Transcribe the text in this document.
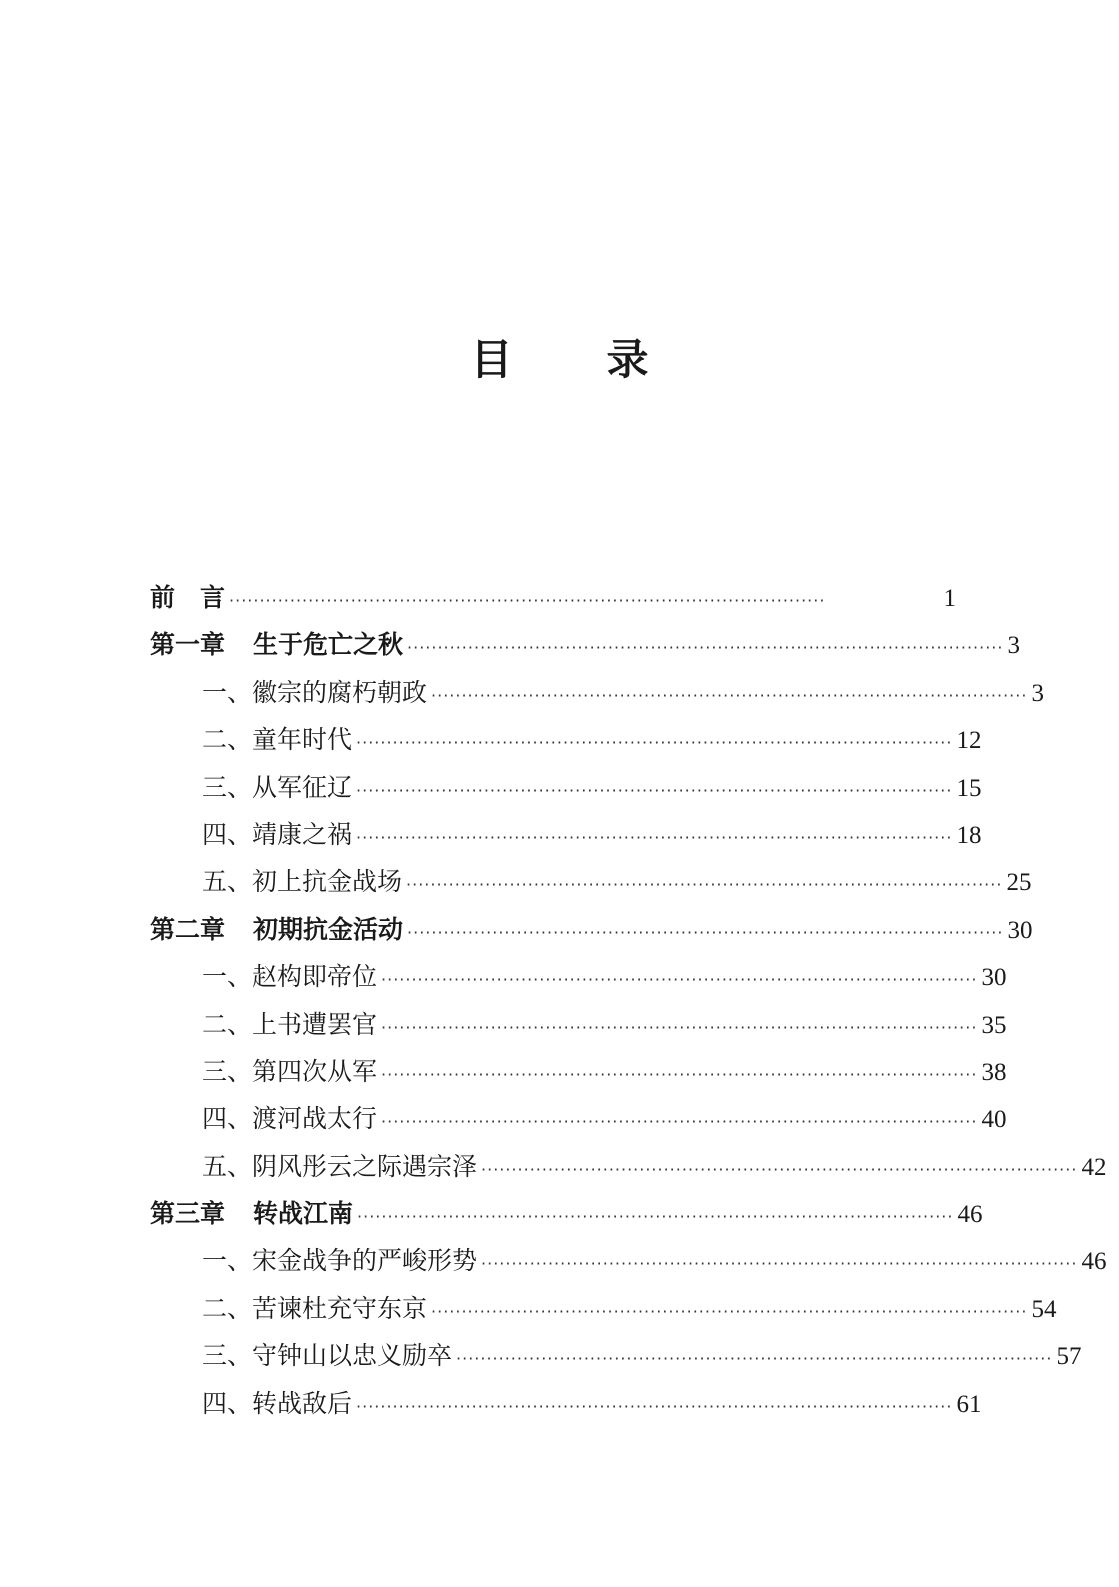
目　录
前　言 ··································································································	1
第一章 生于危亡之秋 ·································································································· 3
一、徽宗的腐朽朝政 ·································································································· 3
二、童年时代 ·································································································· 12
三、从军征辽 ·································································································· 15
四、靖康之祸 ·································································································· 18
五、初上抗金战场 ·································································································· 25
第二章 初期抗金活动 ·································································································· 30
一、赵构即帝位 ·································································································· 30
二、上书遭罢官 ·································································································· 35
三、第四次从军 ·································································································· 38
四、渡河战太行 ·································································································· 40
五、阴风彤云之际遇宗泽 ·································································································· 42
第三章 转战江南 ·································································································· 46
一、宋金战争的严峻形势 ·································································································· 46
二、苦谏杜充守东京 ·································································································· 54
三、守钟山以忠义励卒 ·································································································· 57
四、转战敌后 ·································································································· 61
